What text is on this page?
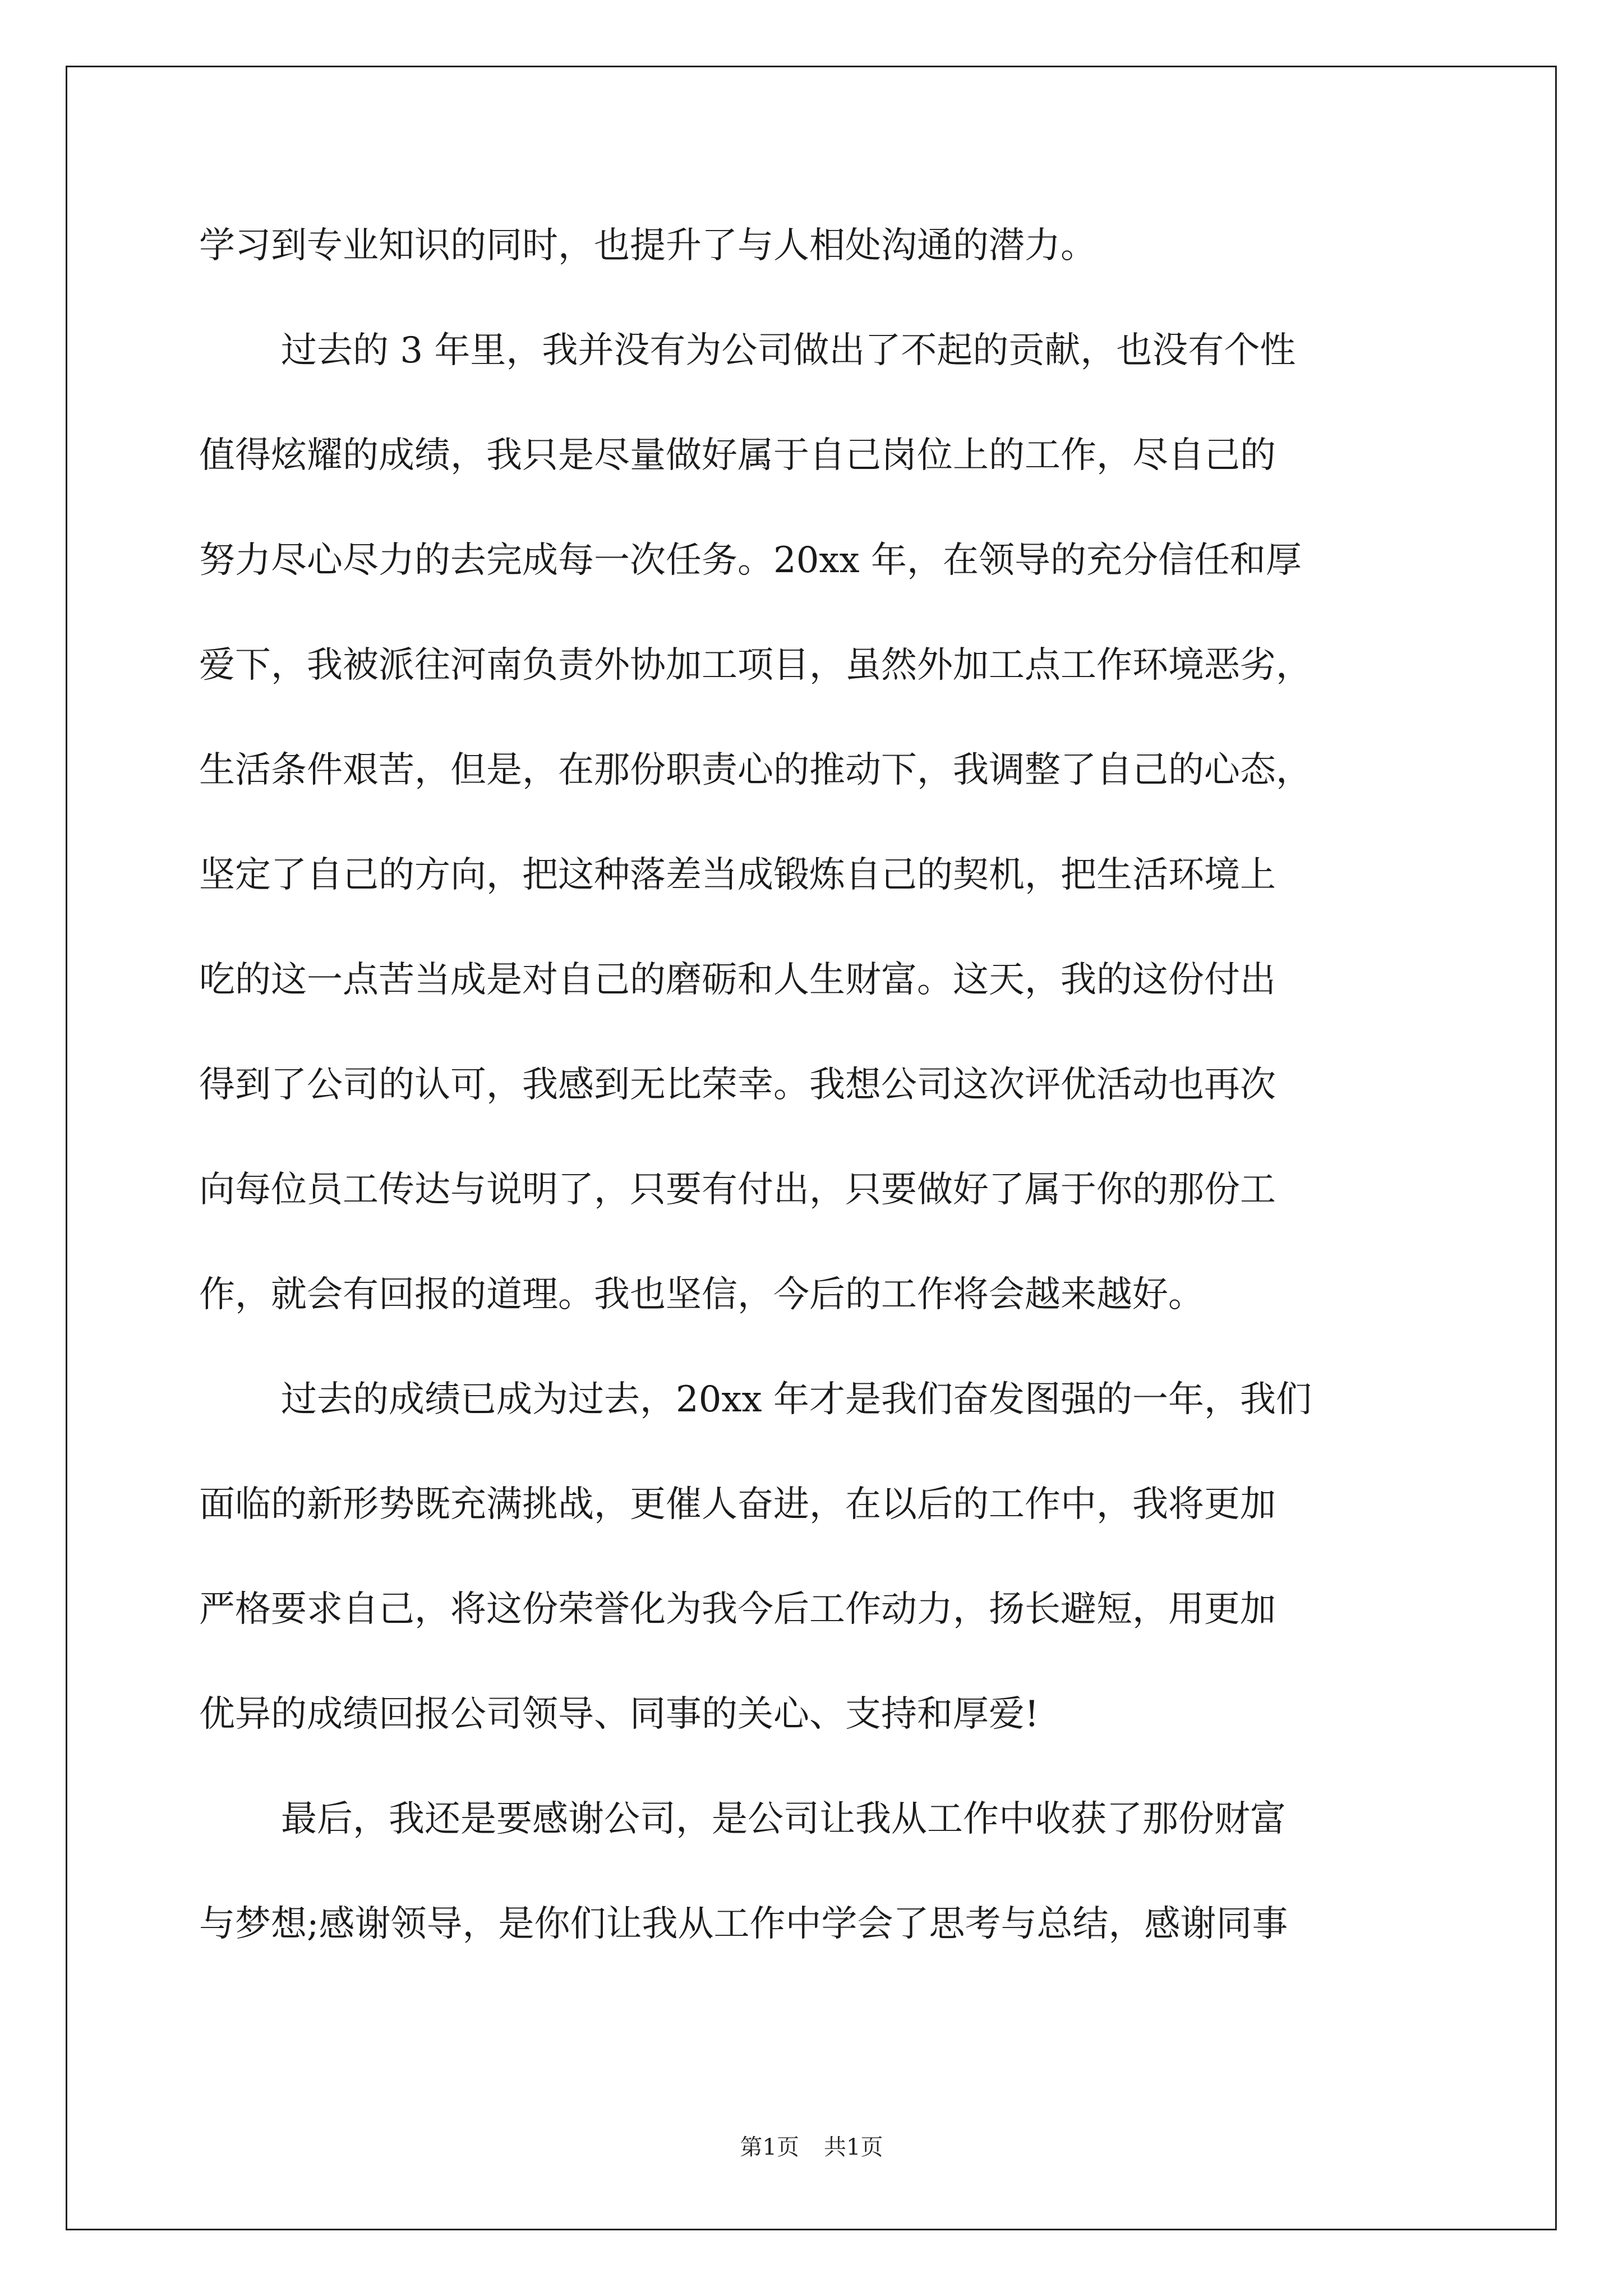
学习到专业知识的同时，也提升了与人相处沟通的潜力。
过去的 3 年里，我并没有为公司做出了不起的贡献，也没有个性
值得炫耀的成绩，我只是尽量做好属于自己岗位上的工作，尽自己的
努力尽心尽力的去完成每一次任务。20xx 年，在领导的充分信任和厚
爱下，我被派往河南负责外协加工项目，虽然外加工点工作环境恶劣，
生活条件艰苦，但是，在那份职责心的推动下，我调整了自己的心态，
坚定了自己的方向，把这种落差当成锻炼自己的契机，把生活环境上
吃的这一点苦当成是对自己的磨砺和人生财富。这天，我的这份付出
得到了公司的认可，我感到无比荣幸。我想公司这次评优活动也再次
向每位员工传达与说明了，只要有付出，只要做好了属于你的那份工
作，就会有回报的道理。我也坚信，今后的工作将会越来越好。
过去的成绩已成为过去，20xx 年才是我们奋发图强的一年，我们
面临的新形势既充满挑战，更催人奋进，在以后的工作中，我将更加
严格要求自己，将这份荣誉化为我今后工作动力，扬长避短，用更加
优异的成绩回报公司领导、同事的关心、支持和厚爱!
最后，我还是要感谢公司，是公司让我从工作中收获了那份财富
与梦想;感谢领导，是你们让我从工作中学会了思考与总结，感谢同事
第1页 共1页
